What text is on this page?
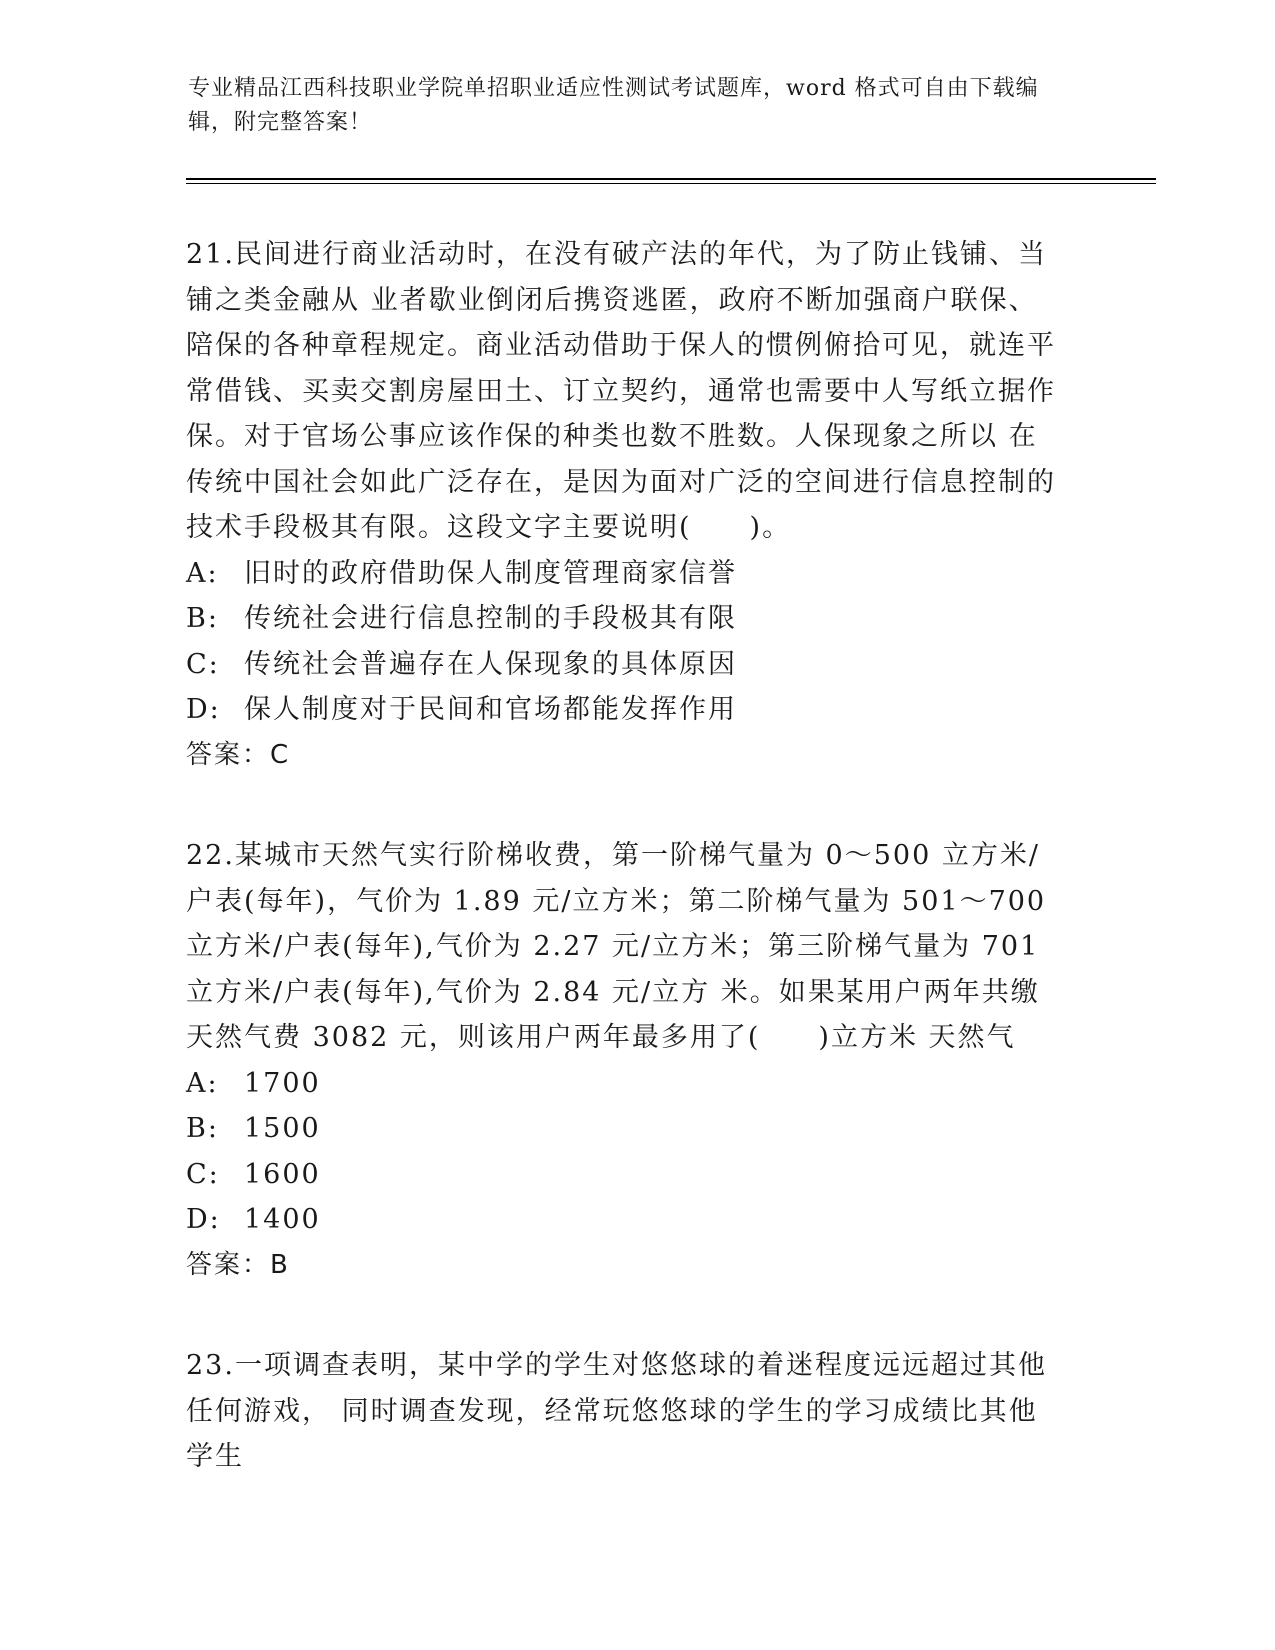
专业精品江西科技职业学院单招职业适应性测试考试题库，word 格式可自由下载编辑，附完整答案！

21.民间进行商业活动时，在没有破产法的年代，为了防止钱铺、当铺之类金融从 业者歇业倒闭后携资逃匿，政府不断加强商户联保、陪保的各种章程规定。商业活动借助于保人的惯例俯拾可见，就连平常借钱、买卖交割房屋田土、订立契约，通常也需要中人写纸立据作保。对于官场公事应该作保的种类也数不胜数。人保现象之所以 在传统中国社会如此广泛存在，是因为面对广泛的空间进行信息控制的技术手段极其有限。这段文字主要说明(　　)。

A: 旧时的政府借助保人制度管理商家信誉
B: 传统社会进行信息控制的手段极其有限
C: 传统社会普遍存在人保现象的具体原因
D: 保人制度对于民间和官场都能发挥作用

答案：C

22.某城市天然气实行阶梯收费，第一阶梯气量为 0～500 立方米/户表(每年)，气价为 1.89 元/立方米；第二阶梯气量为 501～700 立方米/户表(每年),气价为 2.27 元/立方米；第三阶梯气量为 701 立方米/户表(每年),气价为 2.84 元/立方 米。如果某用户两年共缴天然气费 3082 元，则该用户两年最多用了(　　)立方米 天然气

A: 1700
B: 1500
C: 1600
D: 1400

答案：B

23.一项调查表明，某中学的学生对悠悠球的着迷程度远远超过其他任何游戏， 同时调查发现，经常玩悠悠球的学生的学习成绩比其他学生
